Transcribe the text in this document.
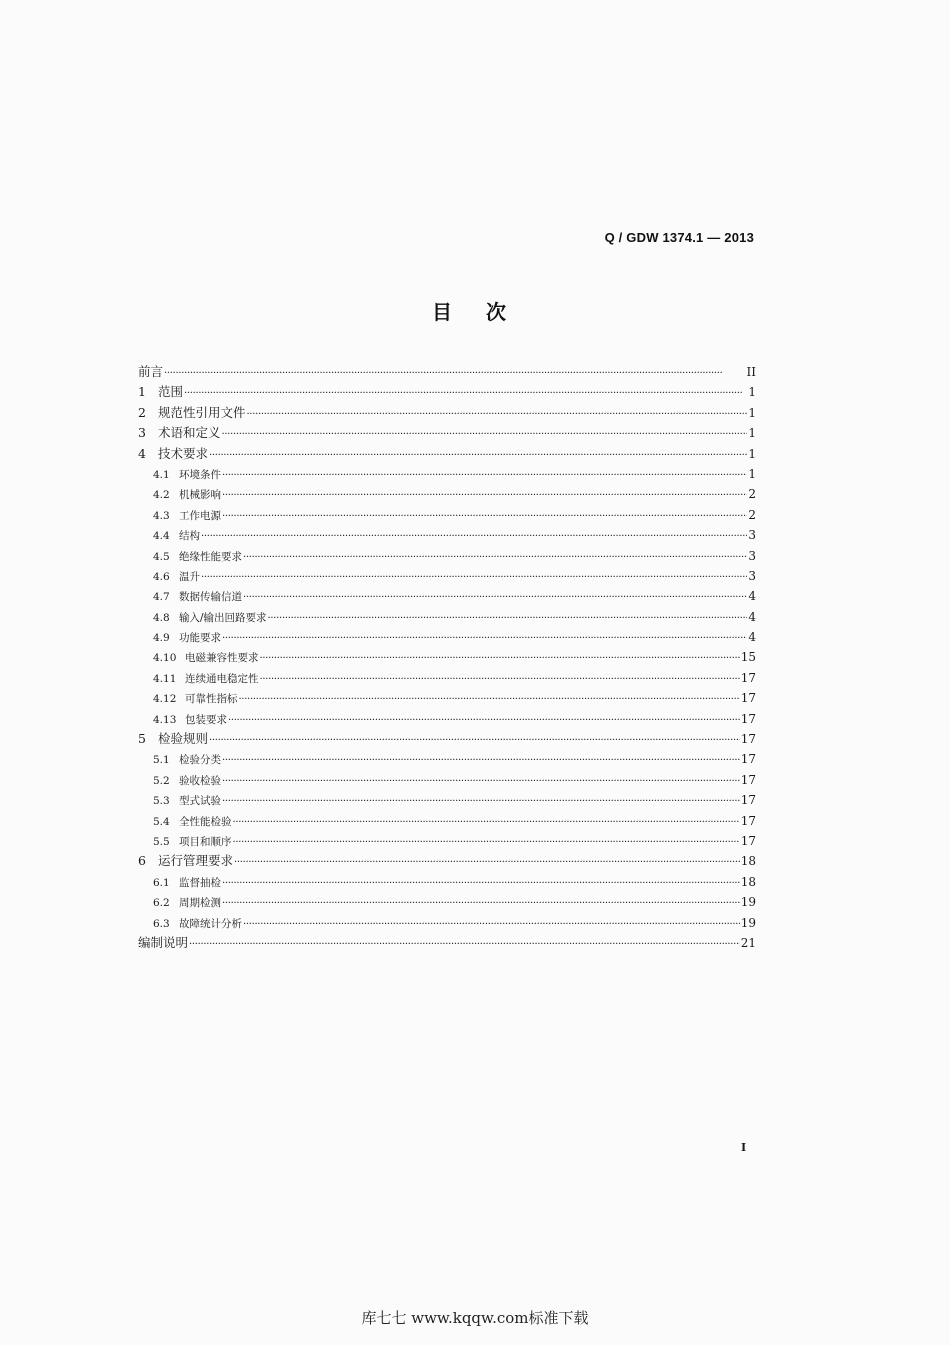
Q / GDW 1374.1 — 2013
目次
前言 ·····	II
1 范围 ·····	1
2 规范性引用文件 ·····	1
3 术语和定义 ·····	1
4 技术要求 ·····	1
4.1 环境条件 ·····	1
4.2 机械影响 ·····	2
4.3 工作电源 ·····	2
4.4 结构 ·····	3
4.5 绝缘性能要求 ·····	3
4.6 温升 ·····	3
4.7 数据传输信道 ·····	4
4.8 输入/输出回路要求 ·····	4
4.9 功能要求 ·····	4
4.10 电磁兼容性要求 ·····	15
4.11 连续通电稳定性 ·····	17
4.12 可靠性指标 ·····	17
4.13 包装要求 ·····	17
5 检验规则 ·····	17
5.1 检验分类 ·····	17
5.2 验收检验 ·····	17
5.3 型式试验 ·····	17
5.4 全性能检验 ·····	17
5.5 项目和顺序 ·····	17
6 运行管理要求 ·····	18
6.1 监督抽检 ·····	18
6.2 周期检测 ·····	19
6.3 故障统计分析 ·····	19
编制说明 ·····	21
I
库七七 www.kqqw.com标准下载
